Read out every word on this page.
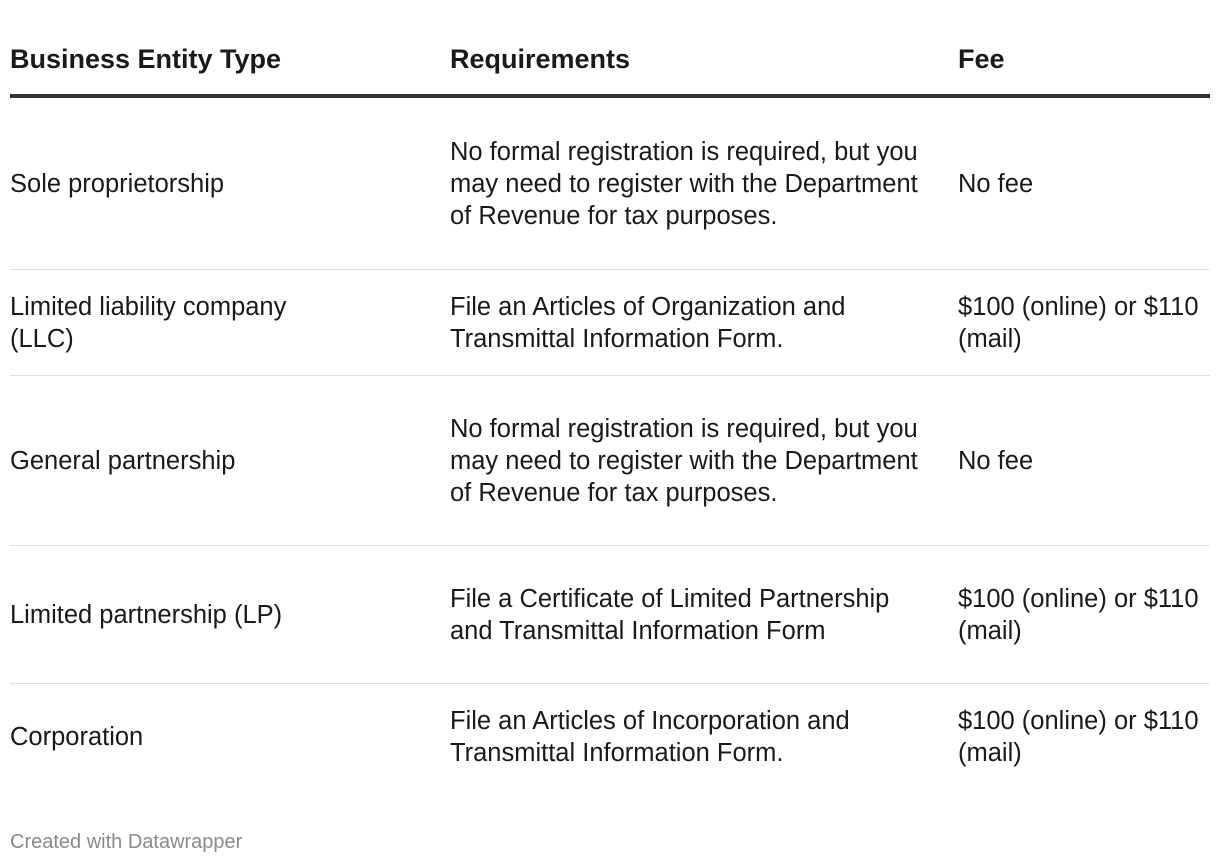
Business Entity Type	Requirements	Fee
Sole proprietorship
No formal registration is required, but you may need to register with the Department of Revenue for tax purposes.
No fee
Limited liability company (LLC)
File an Articles of Organization and Transmittal Information Form.
$100 (online) or $110 (mail)
General partnership
No formal registration is required, but you may need to register with the Department of Revenue for tax purposes.
No fee
Limited partnership (LP)
File a Certificate of Limited Partnership and Transmittal Information Form
$100 (online) or $110 (mail)
Corporation
File an Articles of Incorporation and Transmittal Information Form.
$100 (online) or $110 (mail)
Created with Datawrapper
